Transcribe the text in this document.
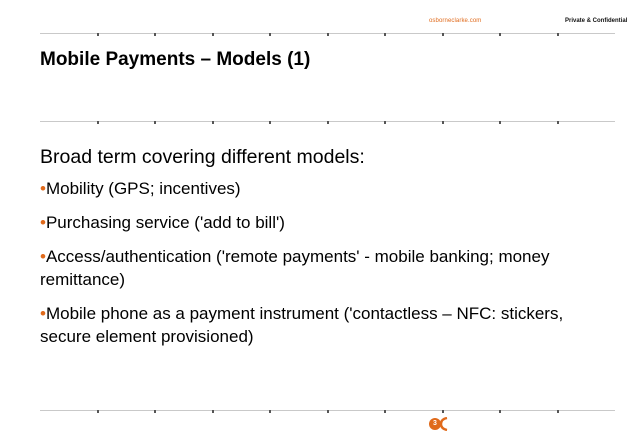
osborneclarke.com	Private & Confidential
Mobile Payments – Models (1)
Broad term covering different models:
•Mobility (GPS; incentives)
•Purchasing service ('add to bill')
•Access/authentication ('remote payments' - mobile banking; money remittance)
•Mobile phone as a payment instrument ('contactless – NFC: stickers, secure element provisioned)
3
